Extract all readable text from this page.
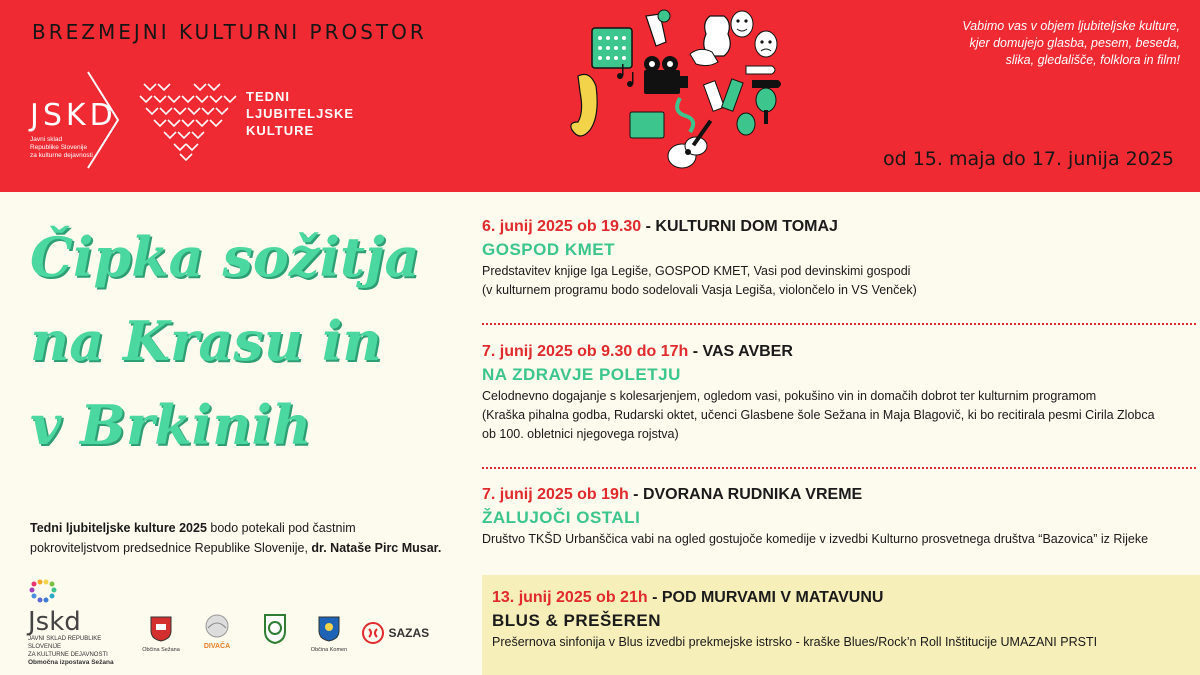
BREZMEJNI KULTURNI PROSTOR
JSKD
Javni sklad
Republike Slovenije
za kulturne dejavnosti
TEDNI
LJUBITELJSKE
KULTURE
Vabimo vas v objem ljubiteljske kulture,
kjer domujejo glasba, pesem, beseda,
slika, gledališče, folklora in film!
od 15. maja do 17. junija 2025
Čipka sožitja
na Krasu in
v Brkinih
Tedni ljubiteljske kulture 2025 bodo potekali pod častnim
pokroviteljstvom predsednice Republike Slovenije, dr. Nataše Pirc Musar.
Jskd
JAVNI SKLAD REPUBLIKE SLOVENIJE
ZA KULTURNE DEJAVNOSTI
Območna izpostava Sežana
Občina Sežana	DIVAČA	Občina Komen
SAZAS
6. junij 2025 ob 19.30 - KULTURNI DOM TOMAJ
GOSPOD KMET
Predstavitev knjige Iga Legiše, GOSPOD KMET, Vasi pod devinskimi gospodi
(v kulturnem programu bodo sodelovali Vasja Legiša, violončelo in VS Venček)
7. junij 2025 ob 9.30 do 17h - VAS AVBER
NA ZDRAVJE POLETJU
Celodnevno dogajanje s kolesarjenjem, ogledom vasi, pokušino vin in domačih dobrot ter kulturnim programom
(Kraška pihalna godba, Rudarski oktet, učenci Glasbene šole Sežana in Maja Blagovič, ki bo recitirala pesmi Cirila Zlobca
ob 100. obletnici njegovega rojstva)
7. junij 2025 ob 19h - DVORANA RUDNIKA VREME
ŽALUJOČI OSTALI
Društvo TKŠD Urbanščica vabi na ogled gostujoče komedije v izvedbi Kulturno prosvetnega društva “Bazovica” iz Rijeke
13. junij 2025 ob 21h - POD MURVAMI V MATAVUNU
BLUS & PREŠEREN
Prešernova sinfonija v Blus izvedbi prekmejske istrsko - kraške Blues/Rock’n Roll Inštitucije UMAZANI PRSTI
